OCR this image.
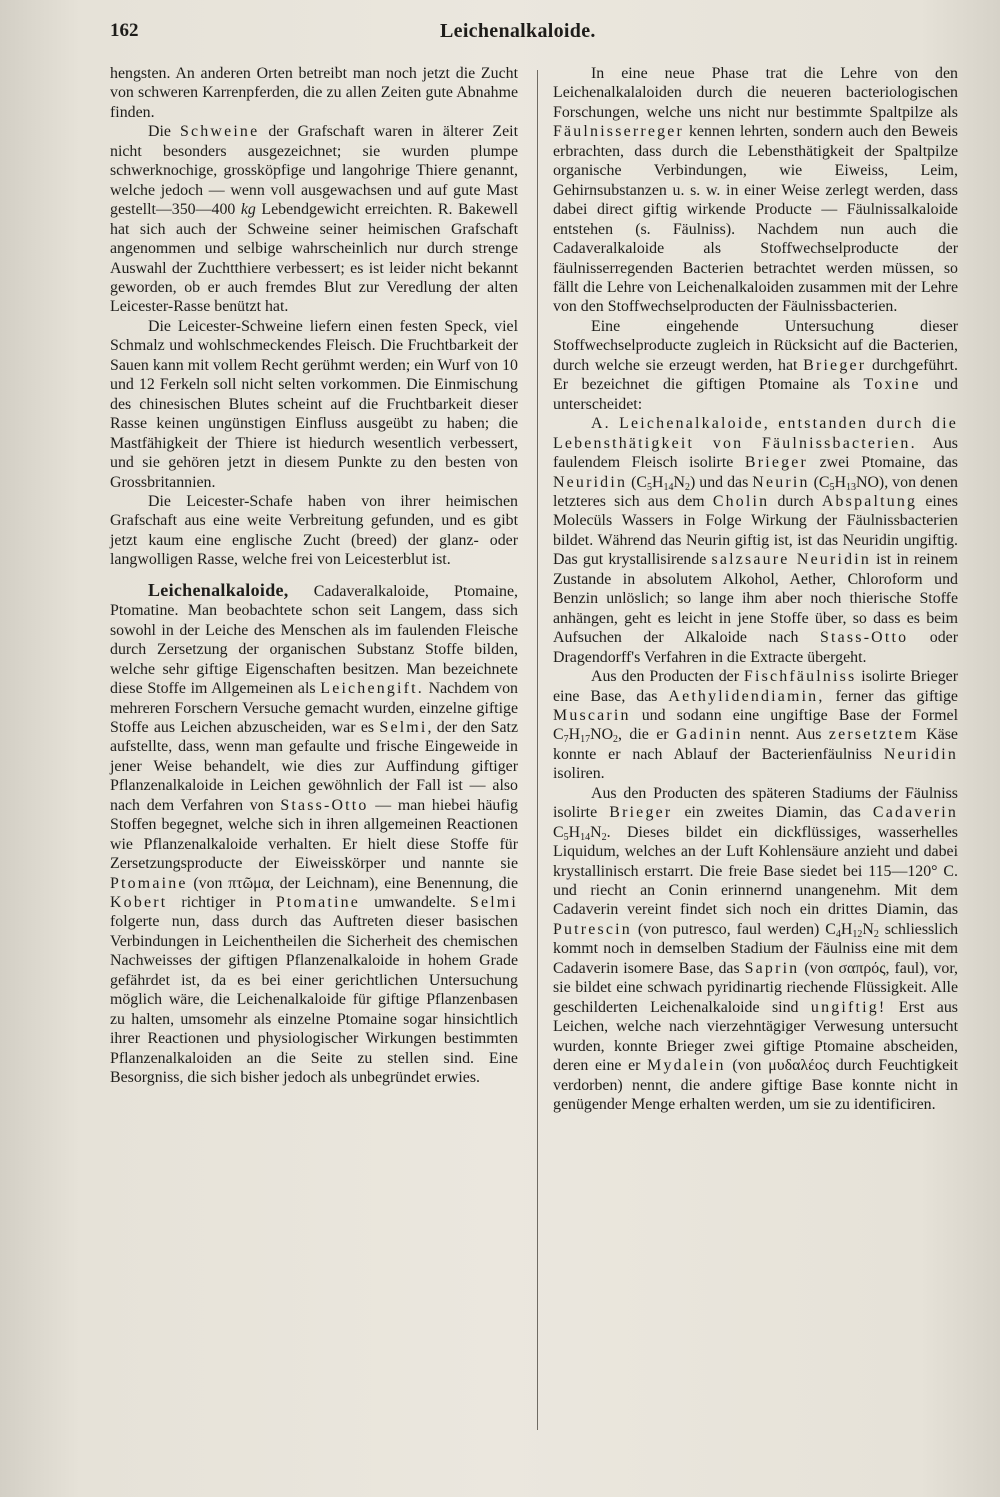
162	Leichenalkaloide.

hengsten. An anderen Orten betreibt man noch jetzt die Zucht von schweren Karrenpferden, die zu allen Zeiten gute Abnahme finden.

Die Schweine der Grafschaft waren in älterer Zeit nicht besonders ausgezeichnet; sie wurden plumpe schwerknochige, grossköpfige und langohrige Thiere genannt, welche jedoch — wenn voll ausgewachsen und auf gute Mast gestellt—350—400 kg Lebendgewicht erreichten. R. Bakewell hat sich auch der Schweine seiner heimischen Grafschaft angenommen und selbige wahrscheinlich nur durch strenge Auswahl der Zuchtthiere verbessert; es ist leider nicht bekannt geworden, ob er auch fremdes Blut zur Veredlung der alten Leicester-Rasse benützt hat.

Die Leicester-Schweine liefern einen festen Speck, viel Schmalz und wohlschmeckendes Fleisch. Die Fruchtbarkeit der Sauen kann mit vollem Recht gerühmt werden; ein Wurf von 10 und 12 Ferkeln soll nicht selten vorkommen. Die Einmischung des chinesischen Blutes scheint auf die Fruchtbarkeit dieser Rasse keinen ungünstigen Einfluss ausgeübt zu haben; die Mastfähigkeit der Thiere ist hiedurch wesentlich verbessert, und sie gehören jetzt in diesem Punkte zu den besten von Grossbritannien.

Die Leicester-Schafe haben von ihrer heimischen Grafschaft aus eine weite Verbreitung gefunden, und es gibt jetzt kaum eine englische Zucht (breed) der glanz- oder langwolligen Rasse, welche frei von Leicesterblut ist.

Leichenalkaloide, Cadaveralkaloide, Ptomaine, Ptomatine. Man beobachtete schon seit Langem, dass sich sowohl in der Leiche des Menschen als im faulenden Fleische durch Zersetzung der organischen Substanz Stoffe bilden, welche sehr giftige Eigenschaften besitzen. Man bezeichnete diese Stoffe im Allgemeinen als Leichengift. Nachdem von mehreren Forschern Versuche gemacht wurden, einzelne giftige Stoffe aus Leichen abzuscheiden, war es Selmi, der den Satz aufstellte, dass, wenn man gefaulte und frische Eingeweide in jener Weise behandelt, wie dies zur Auffindung giftiger Pflanzenalkaloide in Leichen gewöhnlich der Fall ist — also nach dem Verfahren von Stass-Otto — man hiebei häufig Stoffen begegnet, welche sich in ihren allgemeinen Reactionen wie Pflanzenalkaloide verhalten. Er hielt diese Stoffe für Zersetzungsproducte der Eiweisskörper und nannte sie Ptomaine (von πτῶμα, der Leichnam), eine Benennung, die Kobert richtiger in Ptomatine umwandelte. Selmi folgerte nun, dass durch das Auftreten dieser basischen Verbindungen in Leichentheilen die Sicherheit des chemischen Nachweisses der giftigen Pflanzenalkaloide in hohem Grade gefährdet ist, da es bei einer gerichtlichen Untersuchung möglich wäre, die Leichenalkaloide für giftige Pflanzenbasen zu halten, umsomehr als einzelne Ptomaine sogar hinsichtlich ihrer Reactionen und physiologischer Wirkungen bestimmten Pflanzenalkaloiden an die Seite zu stellen sind. Eine Besorgniss, die sich bisher jedoch als unbegründet erwies.

In eine neue Phase trat die Lehre von den Leichenalkalaloiden durch die neueren bacteriologischen Forschungen, welche uns nicht nur bestimmte Spaltpilze als Fäulnisserreger kennen lehrten, sondern auch den Beweis erbrachten, dass durch die Lebensthätigkeit der Spaltpilze organische Verbindungen, wie Eiweiss, Leim, Gehirnsubstanzen u. s. w. in einer Weise zerlegt werden, dass dabei direct giftig wirkende Producte — Fäulnissalkaloide entstehen (s. Fäulniss). Nachdem nun auch die Cadaveralkaloide als Stoffwechselproducte der fäulnisserregenden Bacterien betrachtet werden müssen, so fällt die Lehre von Leichenalkaloiden zusammen mit der Lehre von den Stoffwechselproducten der Fäulnissbacterien.

Eine eingehende Untersuchung dieser Stoffwechselproducte zugleich in Rücksicht auf die Bacterien, durch welche sie erzeugt werden, hat Brieger durchgeführt. Er bezeichnet die giftigen Ptomaine als Toxine und unterscheidet:

A. Leichenalkaloide, entstanden durch die Lebensthätigkeit von Fäulnissbacterien. Aus faulendem Fleisch isolirte Brieger zwei Ptomaine, das Neuridin $(C_5H_{14}N_2)$ und das Neurin $(C_5H_{13}NO)$, von denen letzteres sich aus dem Cholin durch Abspaltung eines Molecüls Wassers in Folge Wirkung der Fäulnissbacterien bildet. Während das Neurin giftig ist, ist das Neuridin ungiftig. Das gut krystallisirende salzsaure Neuridin ist in reinem Zustande in absolutem Alkohol, Aether, Chloroform und Benzin unlöslich; so lange ihm aber noch thierische Stoffe anhängen, geht es leicht in jene Stoffe über, so dass es beim Aufsuchen der Alkaloide nach Stass-Otto oder Dragendorff's Verfahren in die Extracte übergeht.

Aus den Producten der Fischfäulniss isolirte Brieger eine Base, das Aethylidendiamin, ferner das giftige Muscarin und sodann eine ungiftige Base der Formel $C_7H_{17}NO_2$, die er Gadinin nennt. Aus zersetztem Käse konnte er nach Ablauf der Bacterienfäulniss Neuridin isoliren.

Aus den Producten des späteren Stadiums der Fäulniss isolirte Brieger ein zweites Diamin, das Cadaverin $C_5H_{14}N_2$. Dieses bildet ein dickflüssiges, wasserhelles Liquidum, welches an der Luft Kohlensäure anzieht und dabei krystallinisch erstarrt. Die freie Base siedet bei 115—120° C. und riecht an Conin erinnernd unangenehm. Mit dem Cadaverin vereint findet sich noch ein drittes Diamin, das Putrescin (von putresco, faul werden) $C_4H_{12}N_2$ schliesslich kommt noch in demselben Stadium der Fäulniss eine mit dem Cadaverin isomere Base, das Saprin (von σαπρός, faul), vor, sie bildet eine schwach pyridinartig riechende Flüssigkeit. Alle geschilderten Leichenalkaloide sind ungiftig! Erst aus Leichen, welche nach vierzehntägiger Verwesung untersucht wurden, konnte Brieger zwei giftige Ptomaine abscheiden, deren eine er Mydalein (von μυδαλέος durch Feuchtigkeit verdorben) nennt, die andere giftige Base konnte nicht in genügender Menge erhalten werden, um sie zu identificiren.
